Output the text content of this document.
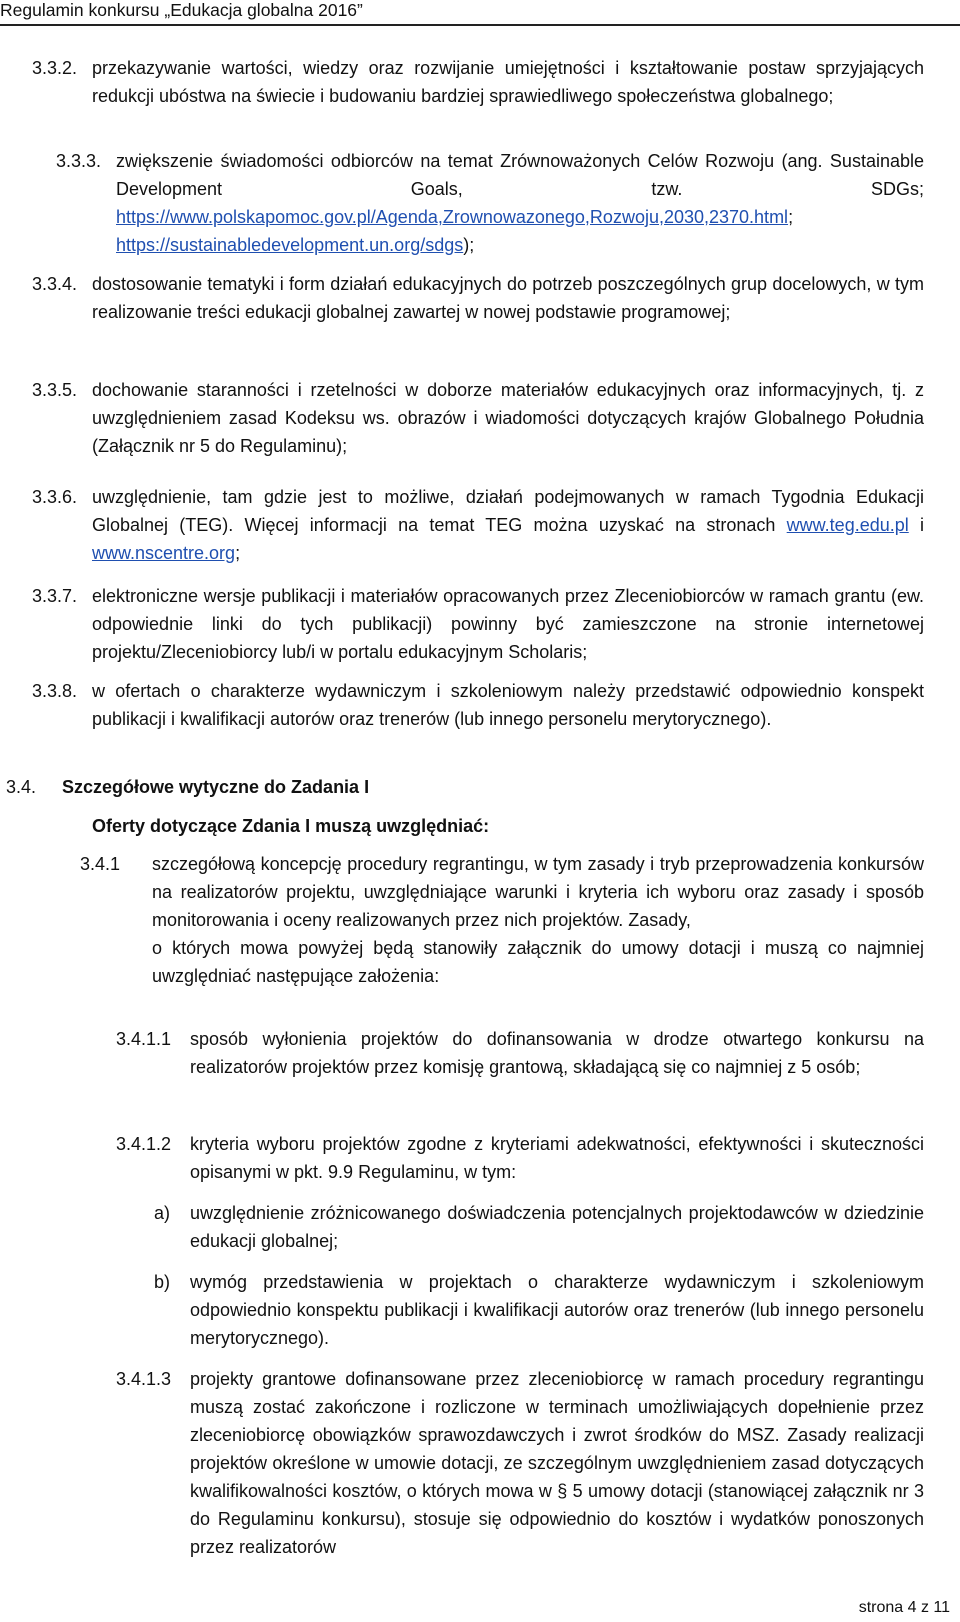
Regulamin konkursu „Edukacja globalna 2016”
3.3.2. przekazywanie wartości, wiedzy oraz rozwijanie umiejętności i kształtowanie postaw sprzyjających redukcji ubóstwa na świecie i budowaniu bardziej sprawiedliwego społeczeństwa globalnego;
3.3.3. zwiększenie świadomości odbiorców na temat Zrównoważonych Celów Rozwoju (ang. Sustainable Development Goals, tzw. SDGs; https://www.polskapomoc.gov.pl/Agenda,Zrownowazonego,Rozwoju,2030,2370.html; https://sustainabledevelopment.un.org/sdgs);
3.3.4. dostosowanie tematyki i form działań edukacyjnych do potrzeb poszczególnych grup docelowych, w tym realizowanie treści edukacji globalnej zawartej w nowej podstawie programowej;
3.3.5. dochowanie staranności i rzetelności w doborze materiałów edukacyjnych oraz informacyjnych, tj. z uwzględnieniem zasad Kodeksu ws. obrazów i wiadomości dotyczących krajów Globalnego Południa (Załącznik nr 5 do Regulaminu);
3.3.6. uwzględnienie, tam gdzie jest to możliwe, działań podejmowanych w ramach Tygodnia Edukacji Globalnej (TEG). Więcej informacji na temat TEG można uzyskać na stronach www.teg.edu.pl i www.nscentre.org;
3.3.7. elektroniczne wersje publikacji i materiałów opracowanych przez Zleceniobiorców w ramach grantu (ew. odpowiednie linki do tych publikacji) powinny być zamieszczone na stronie internetowej projektu/Zleceniobiorcy lub/i w portalu edukacyjnym Scholaris;
3.3.8. w ofertach o charakterze wydawniczym i szkoleniowym należy przedstawić odpowiednio konspekt publikacji i kwalifikacji autorów oraz trenerów (lub innego personelu merytorycznego).
3.4. Szczegółowe wytyczne do Zadania I
Oferty dotyczące Zdania I muszą uwzględniać:
3.4.1 szczegółową koncepcję procedury regrantingu, w tym zasady i tryb przeprowadzenia konkursów na realizatorów projektu, uwzględniające warunki i kryteria ich wyboru oraz zasady i sposób monitorowania i oceny realizowanych przez nich projektów. Zasady,

o których mowa powyżej będą stanowiły załącznik do umowy dotacji i muszą co najmniej uwzględniać następujące założenia:

3.4.1.1 sposób wyłonienia projektów do dofinansowania w drodze otwartego konkursu na realizatorów projektów przez komisję grantową, składającą się co najmniej z 5 osób;
3.4.1.2 kryteria wyboru projektów zgodne z kryteriami adekwatności, efektywności i skuteczności opisanymi w pkt. 9.9 Regulaminu, w tym:
a) uwzględnienie zróżnicowanego doświadczenia potencjalnych projektodawców w dziedzinie edukacji globalnej;
b) wymóg przedstawienia w projektach o charakterze wydawniczym i szkoleniowym odpowiednio konspektu publikacji i kwalifikacji autorów oraz trenerów (lub innego personelu merytorycznego).
3.4.1.3 projekty grantowe dofinansowane przez zleceniobiorcę w ramach procedury regrantingu muszą zostać zakończone i rozliczone w terminach umożliwiających dopełnienie przez zleceniobiorcę obowiązków sprawozdawczych i zwrot środków do MSZ. Zasady realizacji projektów określone w umowie dotacji, ze szczególnym uwzględnieniem zasad dotyczących kwalifikowalności kosztów, o których mowa w § 5 umowy dotacji (stanowiącej załącznik nr 3 do Regulaminu konkursu), stosuje się odpowiednio do kosztów i wydatków ponoszonych przez realizatorów
strona 4 z 11
